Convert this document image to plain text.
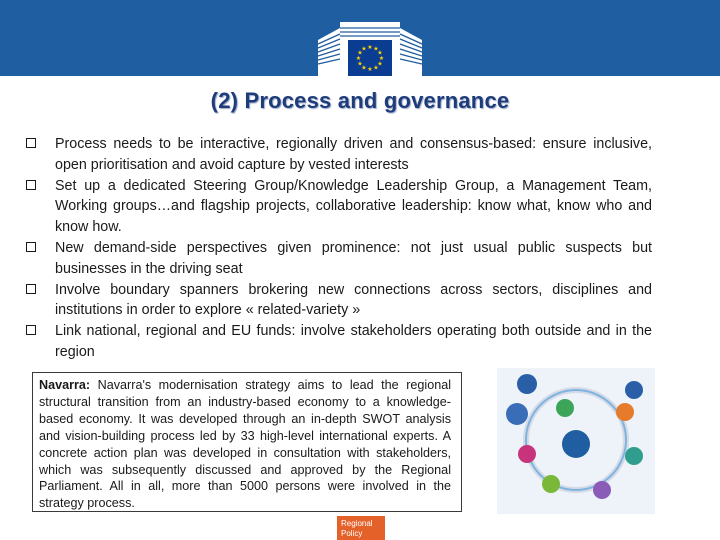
★ ★
★
★
★
★
★
★
★
★
★
★
(2) Process and governance
Process needs to be interactive, regionally driven and consensus-based: ensure inclusive, open prioritisation and avoid capture by vested interests
Set up a dedicated Steering Group/Knowledge Leadership Group, a Management Team, Working groups…and flagship projects, collaborative leadership: know what, know who and know how.
New demand-side perspectives given prominence: not just usual public suspects but businesses in the driving seat
Involve boundary spanners brokering new connections across sectors, disciplines and institutions in order to explore « related-variety »
Link national, regional and EU funds: involve stakeholders operating both outside and in the region
Navarra: Navarra's modernisation strategy aims to lead the regional structural transition from an industry-based economy to a knowledge-based economy. It was developed through an in-depth SWOT analysis and vision-building process led by 33 high-level international experts. A concrete action plan was developed in consultation with stakeholders, which was subsequently discussed and approved by the Regional Parliament. All in all, more than 5000 persons were involved in the strategy process.
Regional
Policy
